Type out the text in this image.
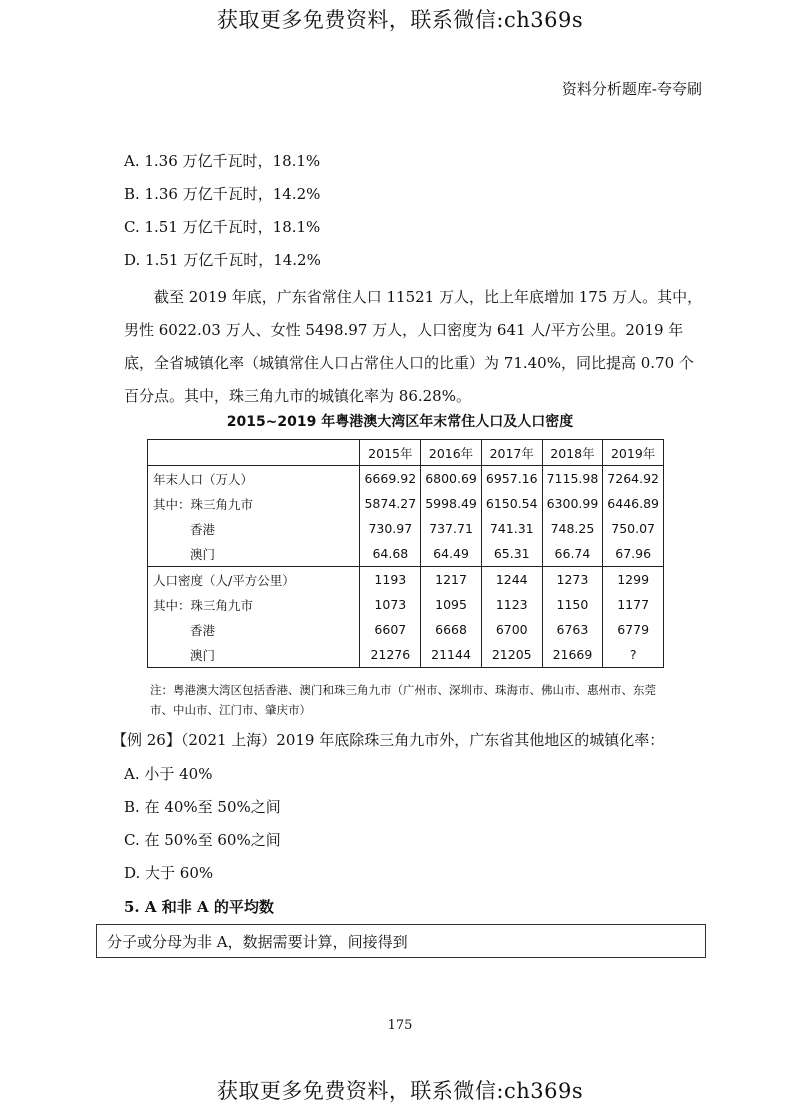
获取更多免费资料，联系微信:ch369s
资料分析题库-夸夸刷
A. 1.36 万亿千瓦时，18.1%
B. 1.36 万亿千瓦时，14.2%
C. 1.51 万亿千瓦时，18.1%
D. 1.51 万亿千瓦时，14.2%
截至 2019 年底，广东省常住人口 11521 万人，比上年底增加 175 万人。其中，男性 6022.03 万人、女性 5498.97 万人，人口密度为 641 人/平方公里。2019 年底，全省城镇化率（城镇常住人口占常住人口的比重）为 71.40%，同比提高 0.70 个百分点。其中，珠三角九市的城镇化率为 86.28%。
2015~2019 年粤港澳大湾区年末常住人口及人口密度
	2015年	2016年	2017年	2018年	2019年
年末人口（万人）	6669.92	6800.69	6957.16	7115.98	7264.92
其中：珠三角九市	5874.27	5998.49	6150.54	6300.99	6446.89
香港	730.97	737.71	741.31	748.25	750.07
澳门	64.68	64.49	65.31	66.74	67.96
人口密度（人/平方公里）	1193	1217	1244	1273	1299
其中：珠三角九市	1073	1095	1123	1150	1177
香港	6607	6668	6700	6763	6779
澳门	21276	21144	21205	21669	?
注：粤港澳大湾区包括香港、澳门和珠三角九市（广州市、深圳市、珠海市、佛山市、惠州市、东莞市、中山市、江门市、肇庆市）
【例 26】（2021 上海）2019 年底除珠三角九市外，广东省其他地区的城镇化率：
A. 小于 40%
B. 在 40%至 50%之间
C. 在 50%至 60%之间
D. 大于 60%
5. A 和非 A 的平均数
分子或分母为非 A，数据需要计算，间接得到
175
获取更多免费资料，联系微信:ch369s
